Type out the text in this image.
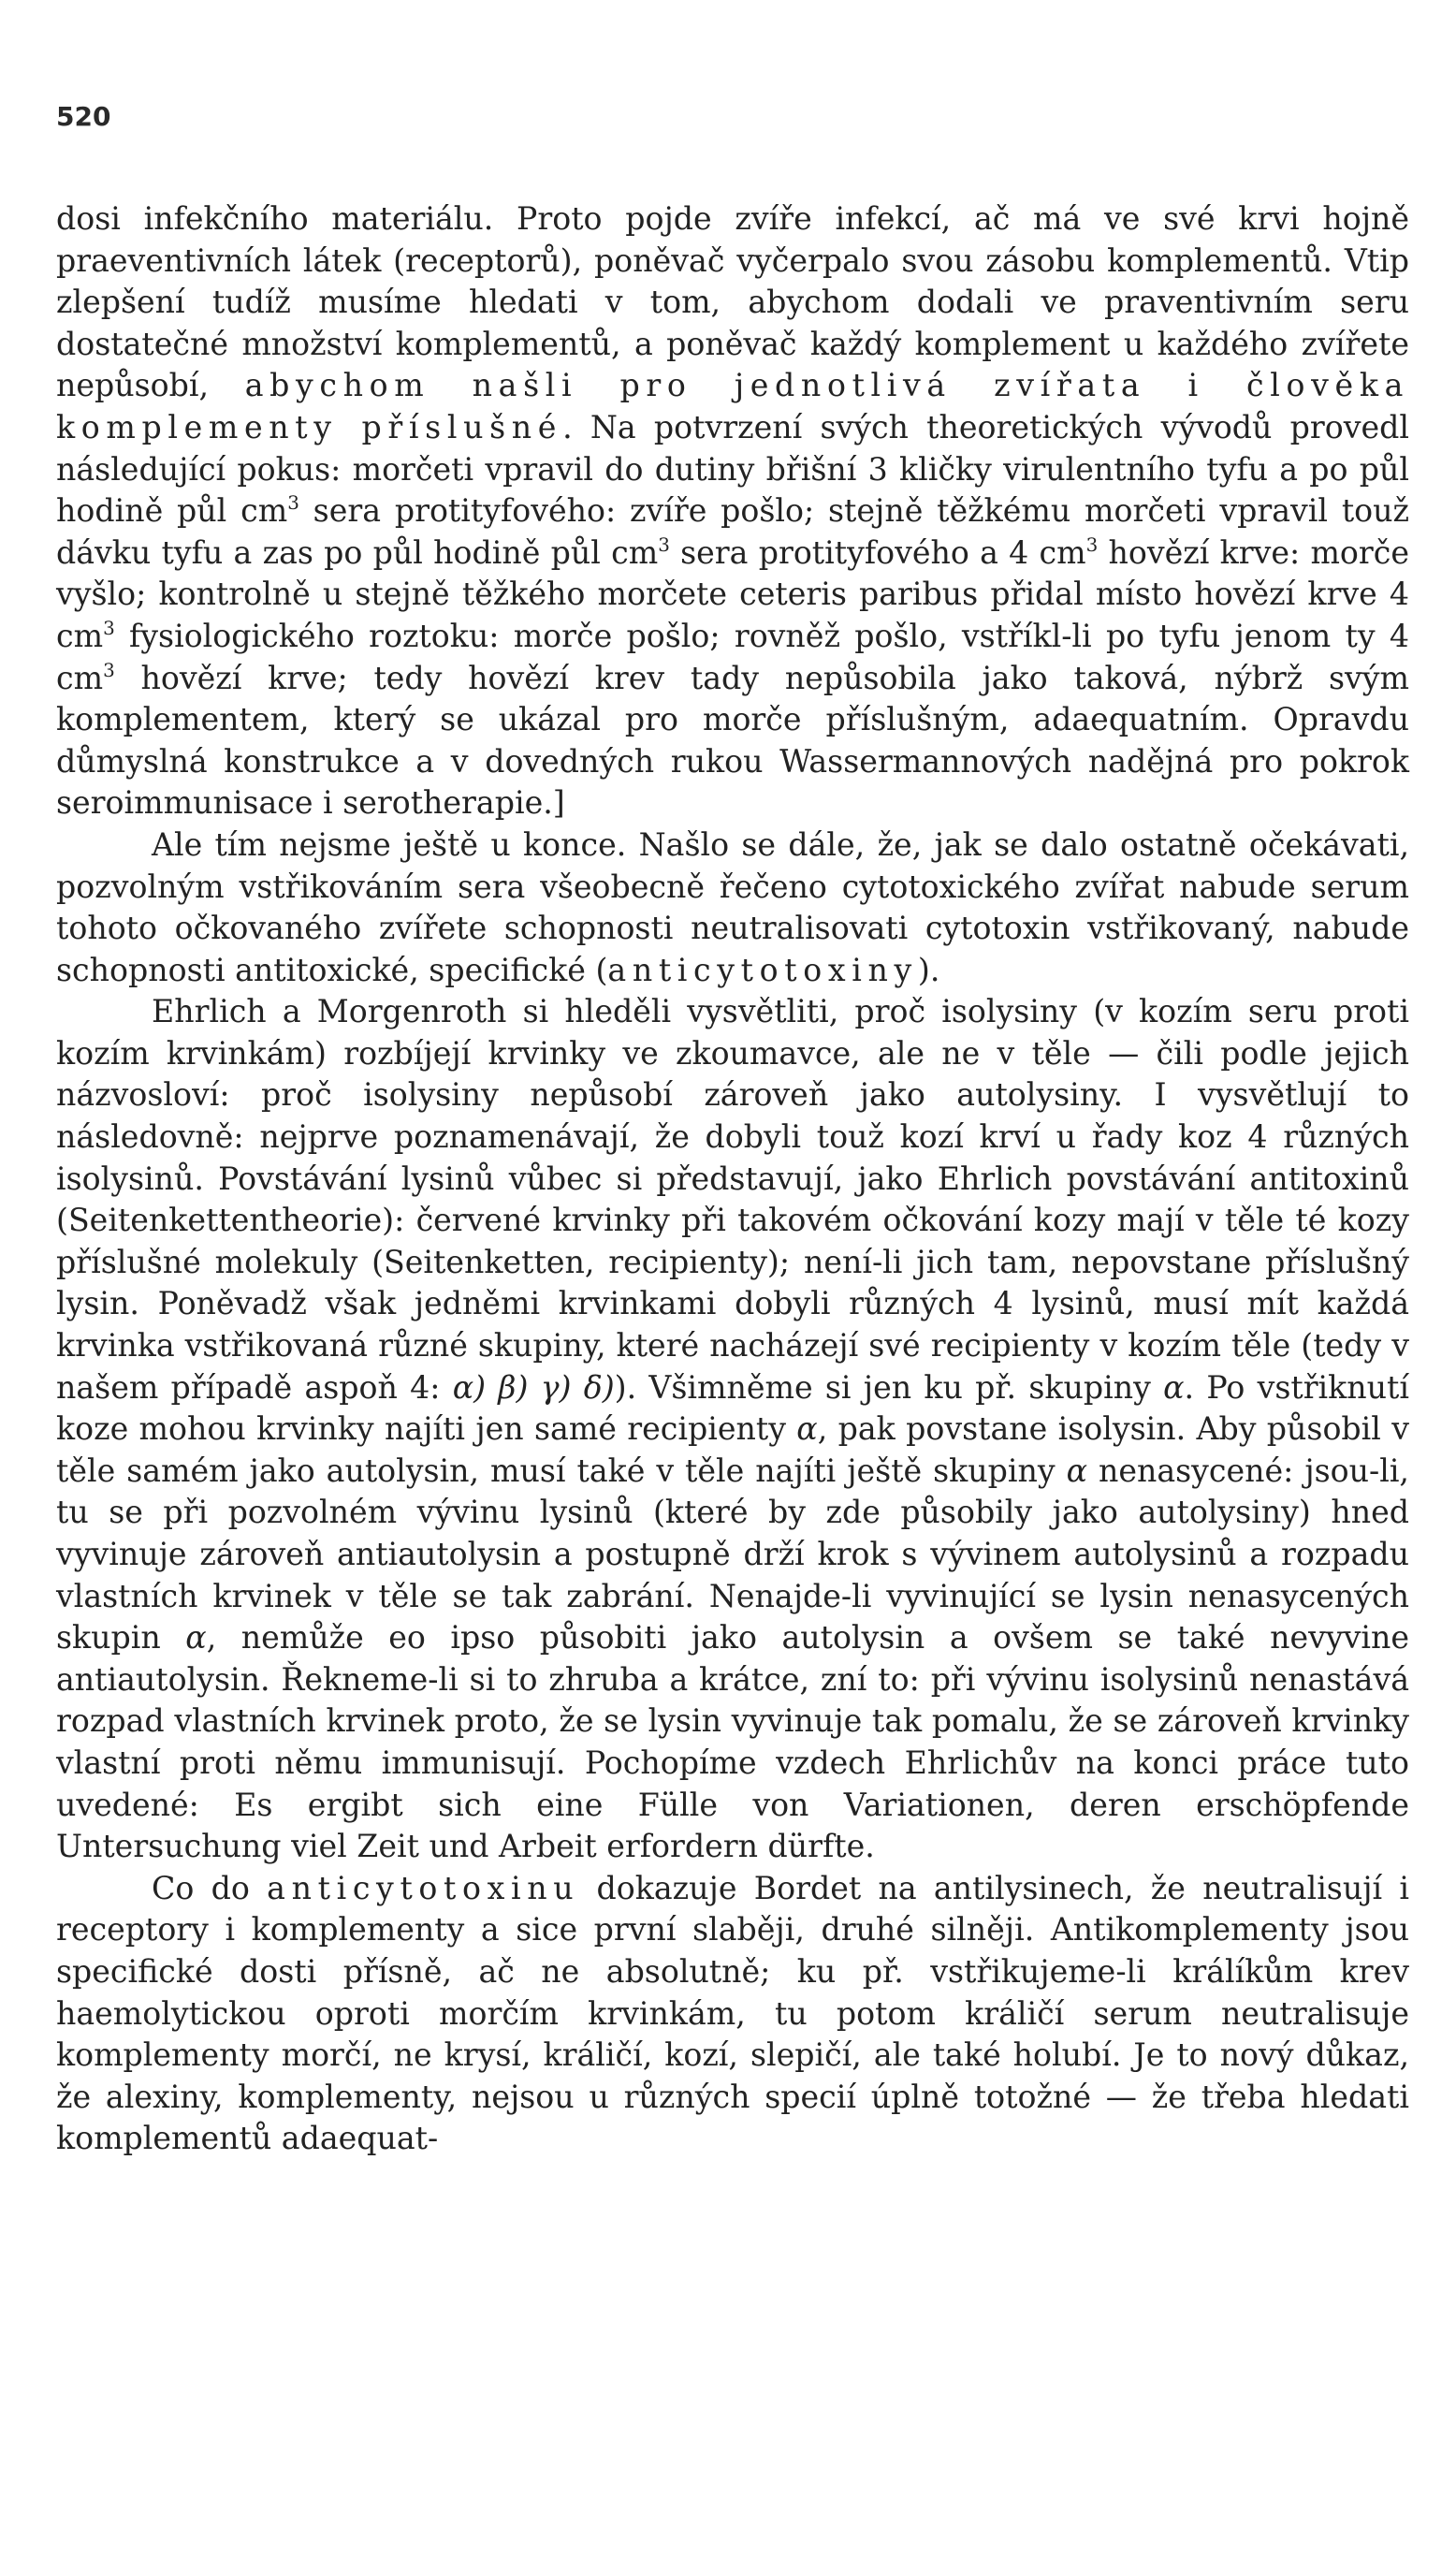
520

dosi infekčního materiálu. Proto pojde zvíře infekcí, ač má ve své krvi hojně praeventivních látek (receptorů), poněvač vyčerpalo svou zásobu komplementů. Vtip zlepšení tudíž musíme hledati v tom, abychom dodali ve praventivním seru dostatečné množství komplementů, a poněvač každý komplement u každého zvířete nepůsobí, abychom našli pro jednotlivá zvířata i člověka komplementy příslušné. Na potvrzení svých theoretických vývodů provedl následující pokus: morčeti vpravil do dutiny břišní 3 kličky virulentního tyfu a po půl hodině půl $cm^3$ sera protityfového: zvíře pošlo; stejně těžkému morčeti vpravil touž dávku tyfu a zas po půl hodině půl $cm^3$ sera protityfového a 4 $cm^3$ hovězí krve: morče vyšlo; kontrolně u stejně těžkého morčete ceteris paribus přidal místo hovězí krve 4 $cm^3$ fysiologického roztoku: morče pošlo; rovněž pošlo, vstříkl-li po tyfu jenom ty 4 $cm^3$ hovězí krve; tedy hovězí krev tady nepůsobila jako taková, nýbrž svým komplementem, který se ukázal pro morče příslušným, adaequatním. Opravdu důmyslná konstrukce a v dovedných rukou Wassermannových nadějná pro pokrok seroimmunisace i serotherapie.]

Ale tím nejsme ještě u konce. Našlo se dále, že, jak se dalo ostatně očekávati, pozvolným vstřikováním sera všeobecně řečeno cytotoxického zvířat nabude serum tohoto očkovaného zvířete schopnosti neutralisovati cytotoxin vstřikovaný, nabude schopnosti antitoxické, specifické (anticytotoxiny).

Ehrlich a Morgenroth si hleděli vysvětliti, proč isolysiny (v kozím seru proti kozím krvinkám) rozbíjejí krvinky ve zkoumavce, ale ne v těle — čili podle jejich názvosloví: proč isolysiny nepůsobí zároveň jako autolysiny. I vysvětlují to následovně: nejprve poznamenávají, že dobyli touž kozí krví u řady koz 4 různých isolysinů. Povstávání lysinů vůbec si představují, jako Ehrlich povstávání antitoxinů (Seitenkettentheorie): červené krvinky při takovém očkování kozy mají v těle té kozy příslušné molekuly (Seitenketten, recipienty); není-li jich tam, nepovstane příslušný lysin. Poněvadž však jedněmi krvinkami dobyli různých 4 lysinů, musí mít každá krvinka vstřikovaná různé skupiny, které nacházejí své recipienty v kozím těle (tedy v našem případě aspoň 4: α) β) γ) δ)). Všimněme si jen ku př. skupiny α. Po vstřiknutí koze mohou krvinky najíti jen samé recipienty α, pak povstane isolysin. Aby působil v těle samém jako autolysin, musí také v těle najíti ještě skupiny α nenasycené: jsou-li, tu se při pozvolném vývinu lysinů (které by zde působily jako autolysiny) hned vyvinuje zároveň antiautolysin a postupně drží krok s vývinem autolysinů a rozpadu vlastních krvinek v těle se tak zabrání. Nenajde-li vyvinující se lysin nenasycených skupin α, nemůže eo ipso působiti jako autolysin a ovšem se také nevyvine antiautolysin. Řekneme-li si to zhruba a krátce, zní to: při vývinu isolysinů nenastává rozpad vlastních krvinek proto, že se lysin vyvinuje tak pomalu, že se zároveň krvinky vlastní proti němu immunisují. Pochopíme vzdech Ehrlichův na konci práce tuto uvedené: Es ergibt sich eine Fülle von Variationen, deren erschöpfende Untersuchung viel Zeit und Arbeit erfordern dürfte.

Co do anticytotoxinu dokazuje Bordet na antilysinech, že neutralisují i receptory i komplementy a sice první slaběji, druhé silněji. Antikomplementy jsou specifické dosti přísně, ač ne absolutně; ku př. vstřikujeme-li králíkům krev haemolytickou oproti morčím krvinkám, tu potom králičí serum neutralisuje komplementy morčí, ne krysí, králičí, kozí, slepičí, ale také holubí. Je to nový důkaz, že alexiny, komplementy, nejsou u různých specií úplně totožné — že třeba hledati komplementů adaequat-
